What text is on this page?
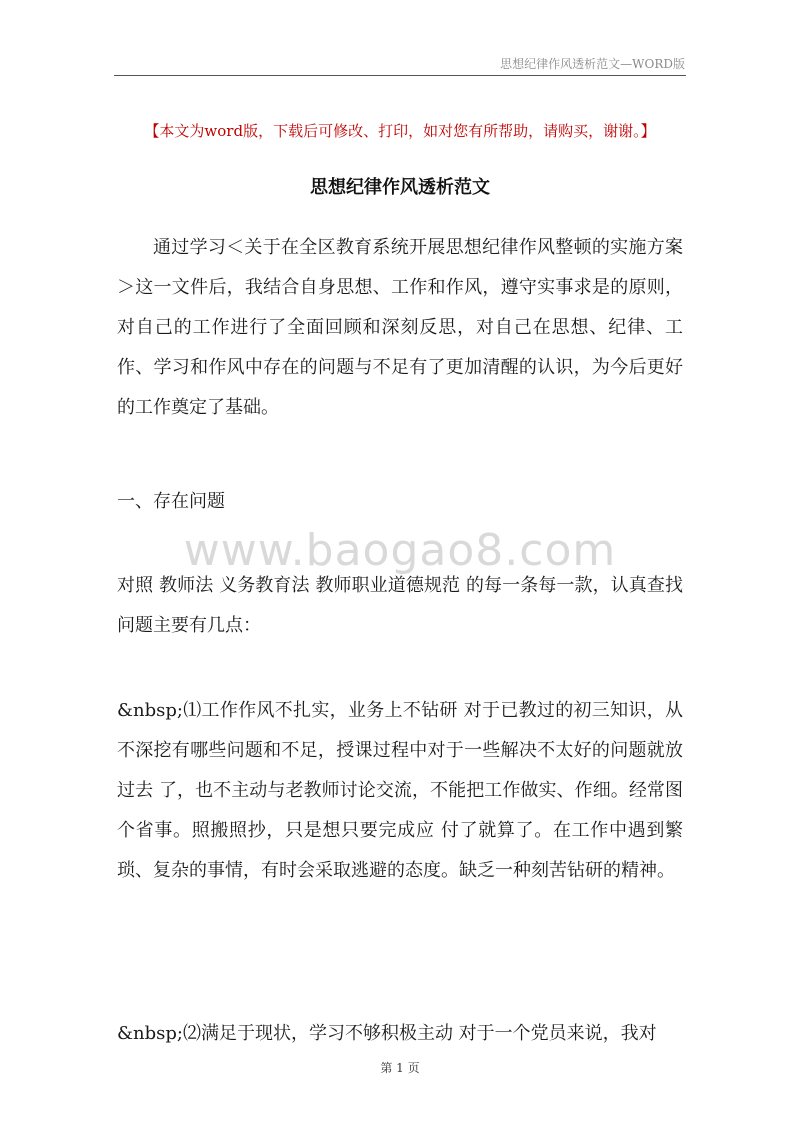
思想纪律作风透析范文—WORD版
【本文为word版，下载后可修改、打印，如对您有所帮助，请购买，谢谢。】
思想纪律作风透析范文
通过学习＜关于在全区教育系统开展思想纪律作风整顿的实施方案＞这一文件后，我结合自身思想、工作和作风，遵守实事求是的原则，对自己的工作进行了全面回顾和深刻反思，对自己在思想、纪律、工作、学习和作风中存在的问题与不足有了更加清醒的认识，为今后更好的工作奠定了基础。
一、存在问题
www.baogao8.com
对照 教师法 义务教育法 教师职业道德规范 的每一条每一款，认真查找问题主要有几点：
&nbsp;⑴工作作风不扎实，业务上不钻研 对于已教过的初三知识，从不深挖有哪些问题和不足，授课过程中对于一些解决不太好的问题就放过去 了，也不主动与老教师讨论交流，不能把工作做实、作细。经常图个省事。照搬照抄，只是想只要完成应 付了就算了。在工作中遇到繁琐、复杂的事情，有时会采取逃避的态度。缺乏一种刻苦钻研的精神。
&nbsp;⑵满足于现状，学习不够积极主动 对于一个党员来说，我对
第 1 页
